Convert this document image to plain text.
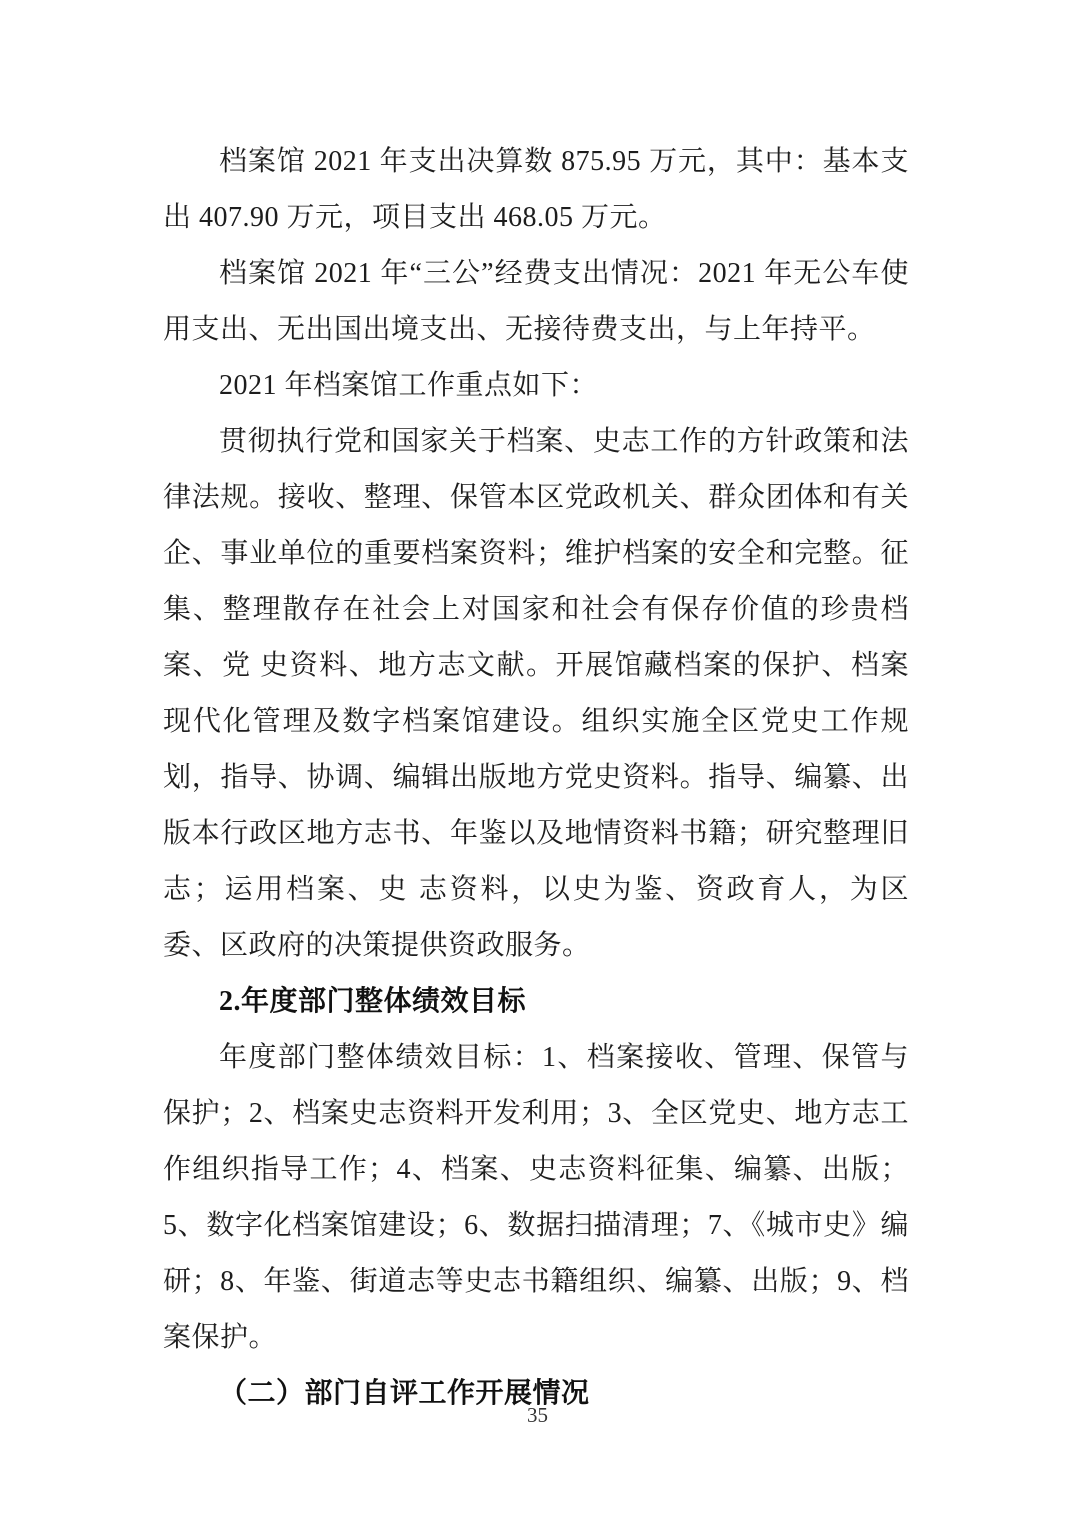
档案馆 2021 年支出决算数 875.95 万元，其中：基本支出 407.90 万元，项目支出 468.05 万元。

档案馆 2021 年“三公”经费支出情况：2021 年无公车使用支出、无出国出境支出、无接待费支出，与上年持平。

2021 年档案馆工作重点如下：

贯彻执行党和国家关于档案、史志工作的方针政策和法律法规。接收、整理、保管本区党政机关、群众团体和有关企、事业单位的重要档案资料；维护档案的安全和完整。征集、整理散存在社会上对国家和社会有保存价值的珍贵档案、党 史资料、地方志文献。开展馆藏档案的保护、档案现代化管理及数字档案馆建设。组织实施全区党史工作规划，指导、协调、编辑出版地方党史资料。指导、编纂、出版本行政区地方志书、年鉴以及地情资料书籍；研究整理旧志；运用档案、史 志资料，以史为鉴、资政育人，为区委、区政府的决策提供资政服务。

2.年度部门整体绩效目标

年度部门整体绩效目标：1、档案接收、管理、保管与保护；2、档案史志资料开发利用；3、全区党史、地方志工作组织指导工作；4、档案、史志资料征集、编纂、出版；5、数字化档案馆建设；6、数据扫描清理；7、《城市史》编研；8、年鉴、街道志等史志书籍组织、编纂、出版；9、档案保护。

（二）部门自评工作开展情况

35
